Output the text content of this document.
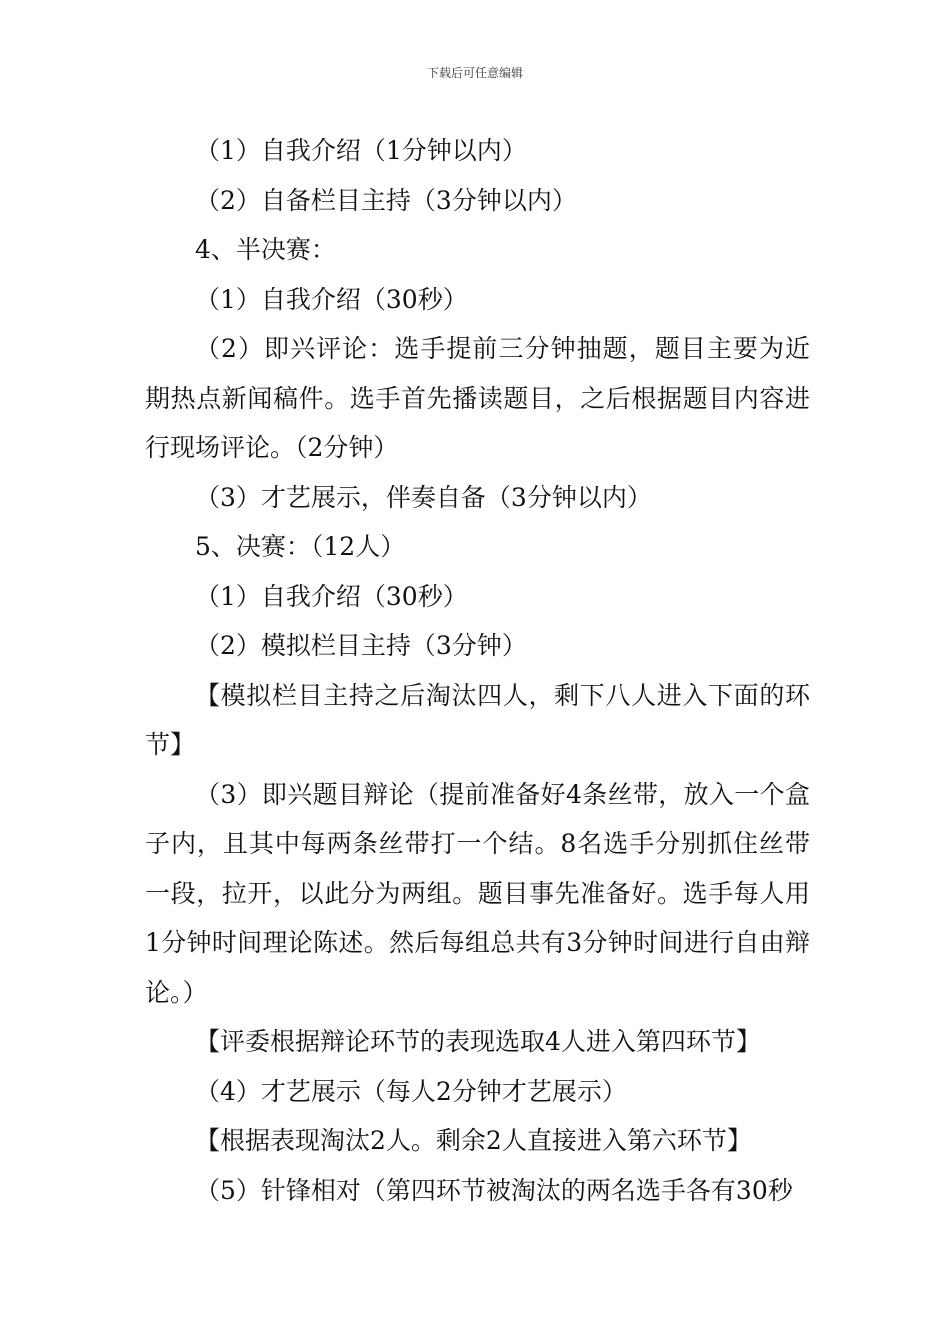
下载后可任意编辑

（1）自我介绍（1分钟以内）

（2）自备栏目主持（3分钟以内）

4、半决赛：

（1）自我介绍（30秒）

（2）即兴评论：选手提前三分钟抽题，题目主要为近期热点新闻稿件。选手首先播读题目，之后根据题目内容进行现场评论。（2分钟）

（3）才艺展示，伴奏自备（3分钟以内）

5、决赛：（12人）

（1）自我介绍（30秒）

（2）模拟栏目主持（3分钟）

【模拟栏目主持之后淘汰四人，剩下八人进入下面的环节】

（3）即兴题目辩论（提前准备好4条丝带，放入一个盒子内，且其中每两条丝带打一个结。8名选手分别抓住丝带一段，拉开，以此分为两组。题目事先准备好。选手每人用1分钟时间理论陈述。然后每组总共有3分钟时间进行自由辩论。）

【评委根据辩论环节的表现选取4人进入第四环节】

（4）才艺展示（每人2分钟才艺展示）

【根据表现淘汰2人。剩余2人直接进入第六环节】

（5）针锋相对（第四环节被淘汰的两名选手各有30秒
